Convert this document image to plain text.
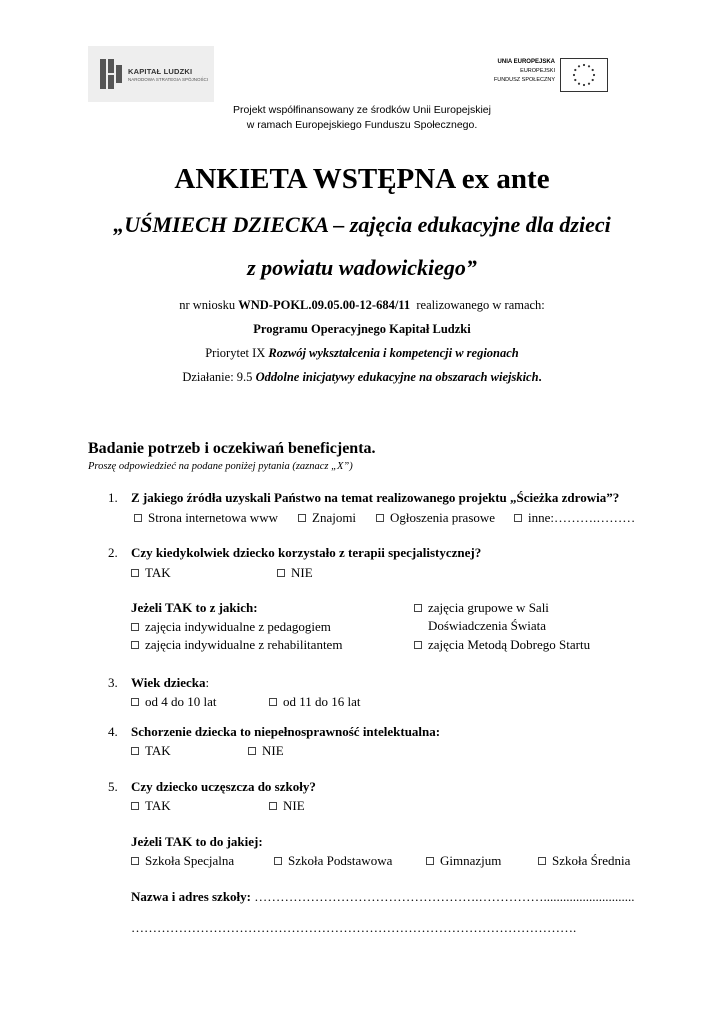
KAPITAŁ LUDZKI
NARODOWA STRATEGIA SPÓJNOŚCI
UNIA EUROPEJSKA
EUROPEJSKI
FUNDUSZ SPOŁECZNY
Projekt współfinansowany ze środków Unii Europejskiej
w ramach Europejskiego Funduszu Społecznego.
ANKIETA WSTĘPNA ex ante
„UŚMIECH DZIECKA – zajęcia edukacyjne dla dzieci
z powiatu wadowickiego”
nr wniosku WND-POKL.09.05.00-12-684/11  realizowanego w ramach:
Programu Operacyjnego Kapitał Ludzki
Priorytet IX Rozwój wykształcenia i kompetencji w regionach
Działanie: 9.5 Oddolne inicjatywy edukacyjne na obszarach wiejskich.
Badanie potrzeb i oczekiwań beneficjenta.
Proszę odpowiedzieć na podane poniżej pytania (zaznacz „X”)
1. Z jakiego źródła uzyskali Państwo na temat realizowanego projektu „Ścieżka zdrowia”?
Strona internetowa www	Znajomi	Ogłoszenia prasowe	inne:……….………
2. Czy kiedykolwiek dziecko korzystało z terapii specjalistycznej?
TAK	NIE
Jeżeli TAK to z jakich:
zajęcia indywidualne z pedagogiem
zajęcia indywidualne z rehabilitantem
zajęcia grupowe w Sali
Doświadczenia Świata
zajęcia Metodą Dobrego Startu
3. Wiek dziecka:
od 4 do 10 lat	od 11 do 16 lat
4. Schorzenie dziecka to niepełnosprawność intelektualna:
TAK	NIE
5. Czy dziecko uczęszcza do szkoły?
TAK	NIE
Jeżeli TAK to do jakiej:
Szkoła Specjalna	Szkoła Podstawowa	Gimnazjum	Szkoła Średnia
Nazwa i adres szkoły: …………………………………………….……………............................
………………………………………………………………………………………….
